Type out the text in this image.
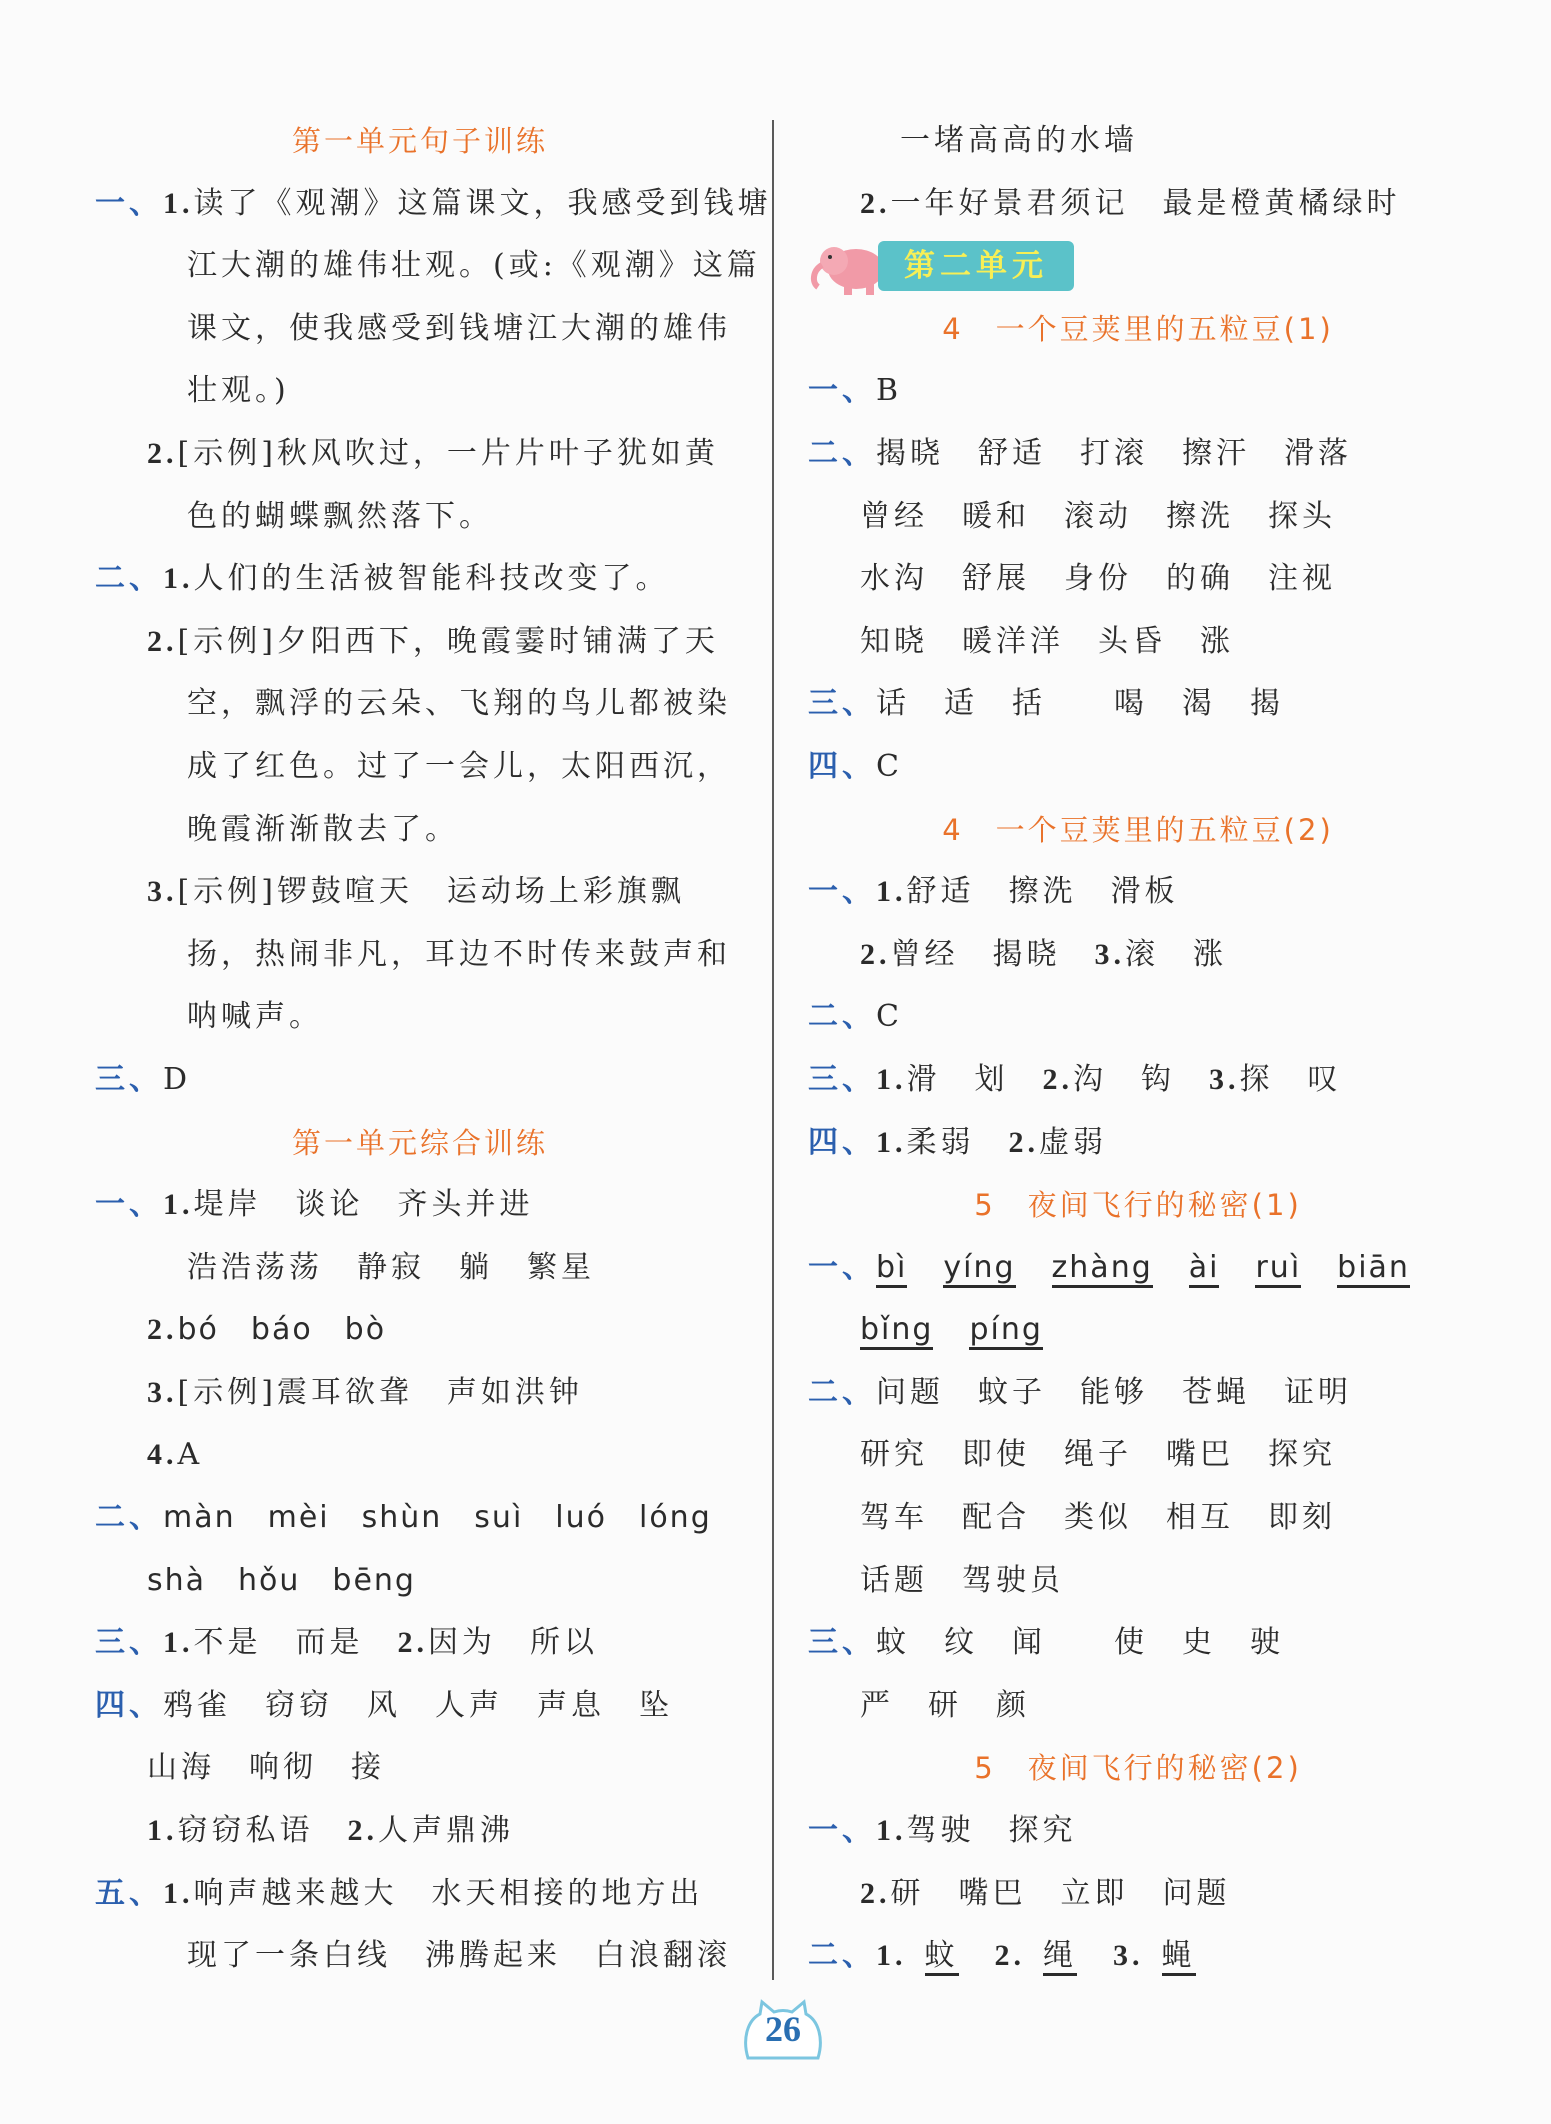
第一单元句子训练
一、1.读了《观潮》这篇课文，我感受到钱塘
江大潮的雄伟壮观。(或:《观潮》这篇
课文，使我感受到钱塘江大潮的雄伟
壮观。)
2.[示例]秋风吹过，一片片叶子犹如黄
色的蝴蝶飘然落下。
二、1.人们的生活被智能科技改变了。
2.[示例]夕阳西下，晚霞霎时铺满了天
空，飘浮的云朵、飞翔的鸟儿都被染
成了红色。过了一会儿，太阳西沉，
晚霞渐渐散去了。
3.[示例]锣鼓喧天　运动场上彩旗飘
扬，热闹非凡，耳边不时传来鼓声和
呐喊声。
三、D
第一单元综合训练
一、1.堤岸　谈论　齐头并进
浩浩荡荡　静寂　躺　繁星
2.bó　báo　bò
3.[示例]震耳欲聋　声如洪钟
4.A
二、màn　mèi　shùn　suì　luó　lóng
shà　hǒu　bēng
三、1.不是　而是　2.因为　所以
四、鸦雀　窃窃　风　人声　声息　坠
山海　响彻　接
1.窃窃私语　2.人声鼎沸
五、1.响声越来越大　水天相接的地方出
现了一条白线　沸腾起来　白浪翻滚
一堵高高的水墙
2.一年好景君须记　最是橙黄橘绿时
第二单元
4　一个豆荚里的五粒豆(1)
一、B
二、揭晓　舒适　打滚　擦汗　滑落
曾经　暖和　滚动　擦洗　探头
水沟　舒展　身份　的确　注视
知晓　暖洋洋　头昏　涨
三、话　适　括　　喝　渴　揭
四、C
4　一个豆荚里的五粒豆(2)
一、1.舒适　擦洗　滑板
2.曾经　揭晓　3.滚　涨
二、C
三、1.滑　划　2.沟　钩　3.探　叹
四、1.柔弱　2.虚弱
5　夜间飞行的秘密(1)
一、bì yíng zhàng ài ruì biān
bǐng píng
二、问题　蚊子　能够　苍蝇　证明
研究　即使　绳子　嘴巴　探究
驾车　配合　类似　相互　即刻
话题　驾驶员
三、蚊　纹　闻　　使　史　驶
严　研　颜
5　夜间飞行的秘密(2)
一、1.驾驶　探究
2.研　嘴巴　立即　问题
二、1. 蚊 2. 绳 3. 蝇
26
